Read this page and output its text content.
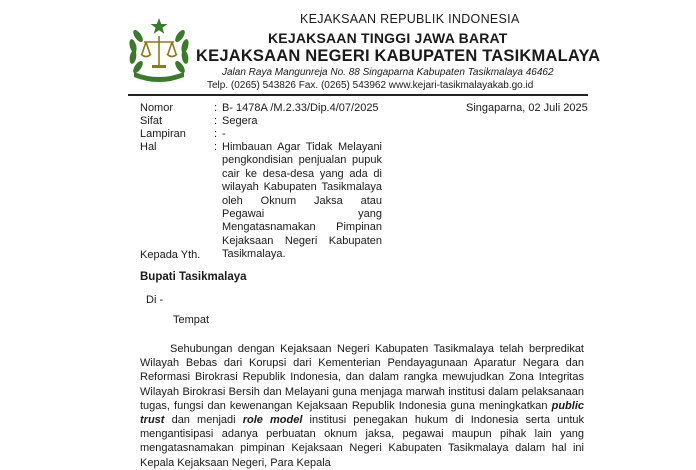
KEJAKSAAN REPUBLIK INDONESIA
KEJAKSAAN TINGGI JAWA BARAT
KEJAKSAAN NEGERI KABUPATEN TASIKMALAYA
Jalan Raya Mangunreja No. 88 Singaparna Kabupaten Tasikmalaya 46462
Telp. (0265) 543826 Fax. (0265) 543962 www.kejari-tasikmalayakab.go.id
Nomor	: B- 1478A /M.2.33/Dip.4/07/2025	Singaparna, 02 Juli 2025
Sifat	: Segera
Lampiran	: -
Hal	: Himbauan Agar Tidak Melayani pengkondisian penjualan pupuk cair ke desa-desa yang ada di wilayah Kabupaten Tasikmalaya oleh Oknum Jaksa atau Pegawai yang Mengatasnamakan Pimpinan Kejaksaan Negeri Kabupaten Tasikmalaya.
Kepada Yth.
Bupati Tasikmalaya
Di -
Tempat

Sehubungan dengan Kejaksaan Negeri Kabupaten Tasikmalaya telah berpredikat Wilayah Bebas dari Korupsi dari Kementerian Pendayagunaan Aparatur Negara dan Reformasi Birokrasi Republik Indonesia, dan dalam rangka mewujudkan Zona Integritas Wilayah Birokrasi Bersih dan Melayani guna menjaga marwah institusi dalam pelaksanaan tugas, fungsi dan kewenangan Kejaksaan Republik Indonesia guna meningkatkan public trust dan menjadi role model institusi penegakan hukum di Indonesia serta untuk mengantisipasi adanya perbuatan oknum jaksa, pegawai maupun pihak lain yang mengatasnamakan pimpinan Kejaksaan Negeri Kabupaten Tasikmalaya dalam hal ini Kepala Kejaksaan Negeri, Para Kepala
